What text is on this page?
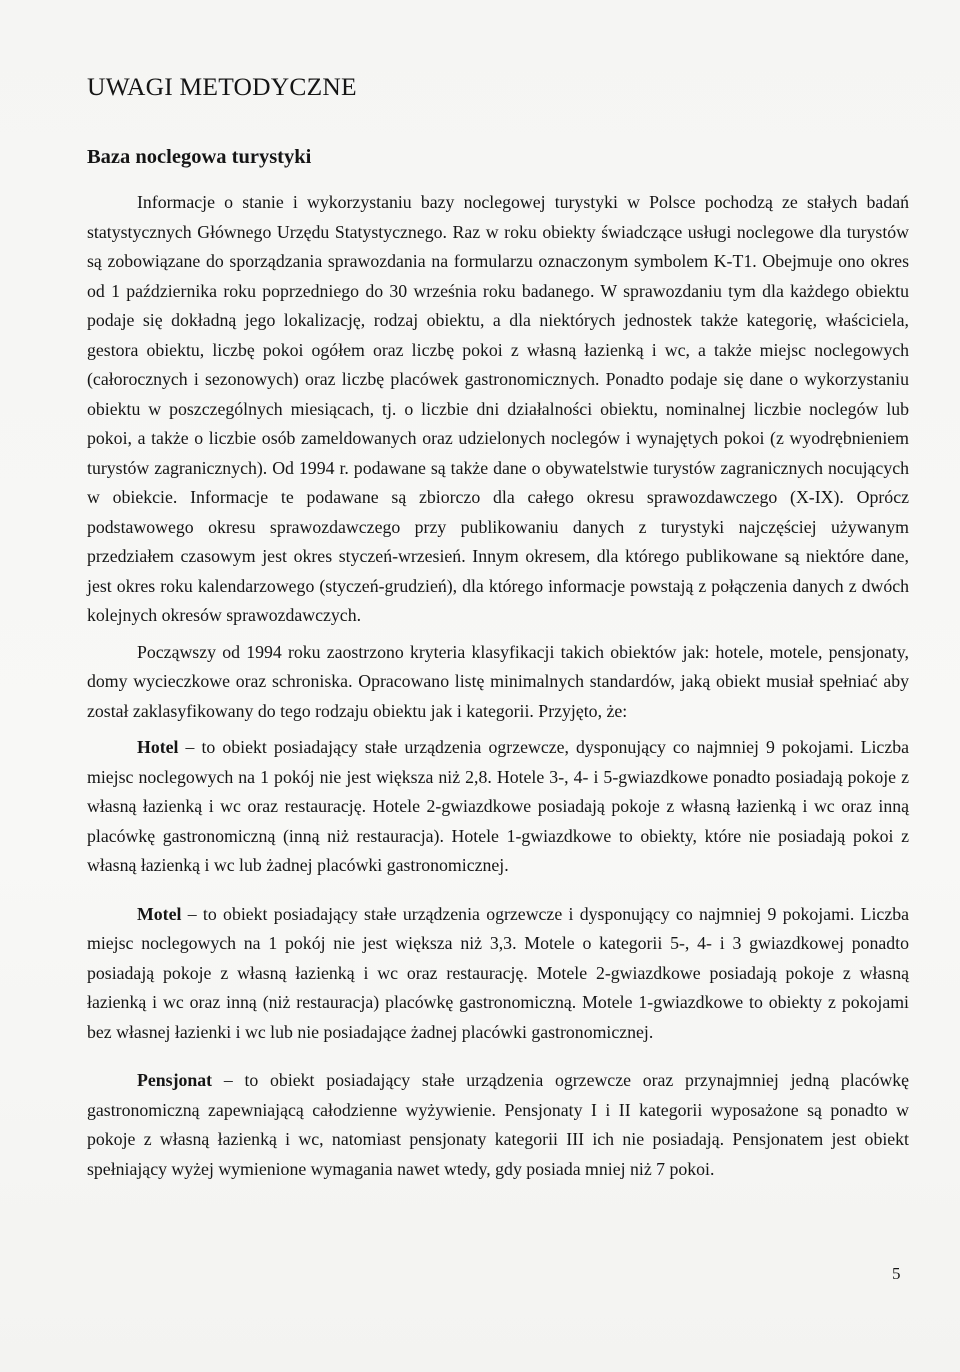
UWAGI METODYCZNE
Baza noclegowa turystyki

Informacje o stanie i wykorzystaniu bazy noclegowej turystyki w Polsce pochodzą ze stałych badań statystycznych Głównego Urzędu Statystycznego. Raz w roku obiekty świadczące usługi noclegowe dla turystów są zobowiązane do sporządzania sprawozdania na formularzu oznaczonym symbolem K-T1. Obejmuje ono okres od 1 października roku poprzedniego do 30 września roku badanego. W sprawozdaniu tym dla każdego obiektu podaje się dokładną jego lokalizację, rodzaj obiektu, a dla niektórych jednostek także kategorię, właściciela, gestora obiektu, liczbę pokoi ogółem oraz liczbę pokoi z własną łazienką i wc, a także miejsc noclegowych (całorocznych i sezonowych) oraz liczbę placówek gastronomicznych. Ponadto podaje się dane o wykorzystaniu obiektu w poszczególnych miesiącach, tj. o liczbie dni działalności obiektu, nominalnej liczbie noclegów lub pokoi, a także o liczbie osób zameldowanych oraz udzielonych noclegów i wynajętych pokoi (z wyodrębnieniem turystów zagranicznych). Od 1994 r. podawane są także dane o obywatelstwie turystów zagranicznych nocujących w obiekcie. Informacje te podawane są zbiorczo dla całego okresu sprawozdawczego (X-IX). Oprócz podstawowego okresu sprawozdawczego przy publikowaniu danych z turystyki najczęściej używanym przedziałem czasowym jest okres styczeń-wrzesień. Innym okresem, dla którego publikowane są niektóre dane, jest okres roku kalendarzowego (styczeń-grudzień), dla którego informacje powstają z połączenia danych z dwóch kolejnych okresów sprawozdawczych.

Począwszy od 1994 roku zaostrzono kryteria klasyfikacji takich obiektów jak: hotele, motele, pensjonaty, domy wycieczkowe oraz schroniska. Opracowano listę minimalnych standardów, jaką obiekt musiał spełniać aby został zaklasyfikowany do tego rodzaju obiektu jak i kategorii. Przyjęto, że:

Hotel – to obiekt posiadający stałe urządzenia ogrzewcze, dysponujący co najmniej 9 pokojami. Liczba miejsc noclegowych na 1 pokój nie jest większa niż 2,8. Hotele 3-, 4- i 5-gwiazdkowe ponadto posiadają pokoje z własną łazienką i wc oraz restaurację. Hotele 2-gwiazdkowe posiadają pokoje z własną łazienką i wc oraz inną placówkę gastronomiczną (inną niż restauracja). Hotele 1-gwiazdkowe to obiekty, które nie posiadają pokoi z własną łazienką i wc lub żadnej placówki gastronomicznej.

Motel – to obiekt posiadający stałe urządzenia ogrzewcze i dysponujący co najmniej 9 pokojami. Liczba miejsc noclegowych na 1 pokój nie jest większa niż 3,3. Motele o kategorii 5-, 4- i 3 gwiazdkowej ponadto posiadają pokoje z własną łazienką i wc oraz restaurację. Motele 2-gwiazdkowe posiadają pokoje z własną łazienką i wc oraz inną (niż restauracja) placówkę gastronomiczną. Motele 1-gwiazdkowe to obiekty z pokojami bez własnej łazienki i wc lub nie posiadające żadnej placówki gastronomicznej.

Pensjonat – to obiekt posiadający stałe urządzenia ogrzewcze oraz przynajmniej jedną placówkę gastronomiczną zapewniającą całodzienne wyżywienie. Pensjonaty I i II kategorii wyposażone są ponadto w pokoje z własną łazienką i wc, natomiast pensjonaty kategorii III ich nie posiadają. Pensjonatem jest obiekt spełniający wyżej wymienione wymagania nawet wtedy, gdy posiada mniej niż 7 pokoi.

5
